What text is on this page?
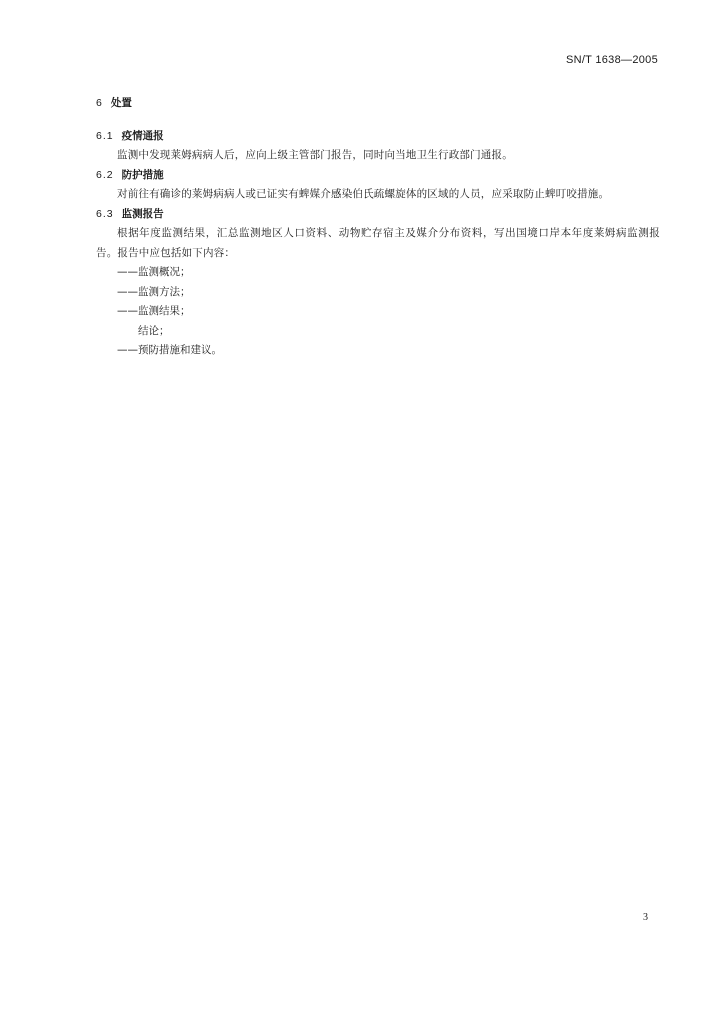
SN/T 1638—2005
6 处置
6.1 疫情通报
监测中发现莱姆病病人后，应向上级主管部门报告，同时向当地卫生行政部门通报。
6.2 防护措施
对前往有确诊的莱姆病病人或已证实有蜱媒介感染伯氏疏螺旋体的区域的人员，应采取防止蜱叮咬措施。
6.3 监测报告
根据年度监测结果，汇总监测地区人口资料、动物贮存宿主及媒介分布资料，写出国境口岸本年度莱姆病监测报告。报告中应包括如下内容：
——监测概况；
——监测方法；
——监测结果；
结论；
——预防措施和建议。
3
